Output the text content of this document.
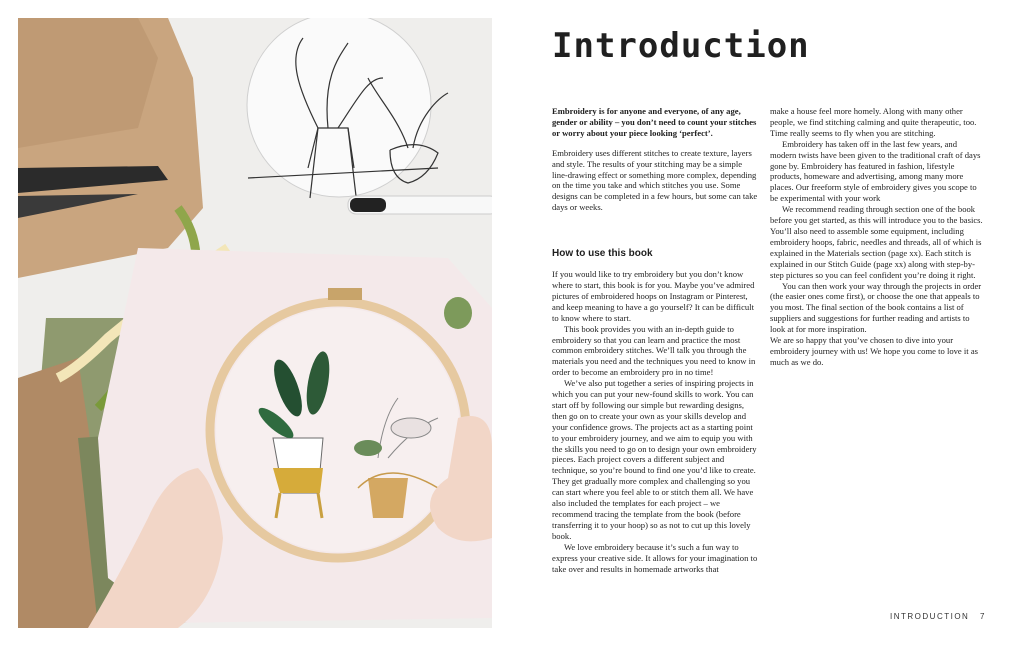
Introduction

Embroidery is for anyone and everyone, of any age, gender or ability – you don’t need to count your stitches or worry about your piece looking ‘perfect’.

Embroidery uses different stitches to create texture, layers and style. The results of your stitching may be a simple line-drawing effect or something more complex, depending on the time you take and which stitches you use. Some designs can be completed in a few hours, but some can take days or weeks.

How to use this book

If you would like to try embroidery but you don’t know where to start, this book is for you. Maybe you’ve admired pictures of embroidered hoops on Instagram or Pinterest, and keep meaning to have a go yourself? It can be difficult to know where to start.

This book provides you with an in-depth guide to embroidery so that you can learn and practice the most common embroidery stitches. We’ll talk you through the materials you need and the techniques you need to know in order to become an embroidery pro in no time!

We’ve also put together a series of inspiring projects in which you can put your new-found skills to work. You can start off by following our simple but rewarding designs, then go on to create your own as your skills develop and your confidence grows. The projects act as a starting point to your embroidery journey, and we aim to equip you with the skills you need to go on to design your own embroidery pieces. Each project covers a different subject and technique, so you’re bound to find one you’d like to create. They get gradually more complex and challenging so you can start where you feel able to or stitch them all. We have also included the templates for each project – we recommend tracing the template from the book (before transferring it to your hoop) so as not to cut up this lovely book.

We love embroidery because it’s such a fun way to express your creative side. It allows for your imagination to take over and results in homemade artworks that

make a house feel more homely. Along with many other people, we find stitching calming and quite therapeutic, too. Time really seems to fly when you are stitching.

Embroidery has taken off in the last few years, and modern twists have been given to the traditional craft of days gone by. Embroidery has featured in fashion, lifestyle products, homeware and advertising, among many more places. Our freeform style of embroidery gives you scope to be experimental with your work

We recommend reading through section one of the book before you get started, as this will introduce you to the basics. You’ll also need to assemble some equipment, including embroidery hoops, fabric, needles and threads, all of which is explained in the Materials section (page xx). Each stitch is explained in our Stitch Guide (page xx) along with step-by-step pictures so you can feel confident you’re doing it right.

You can then work your way through the projects in order (the easier ones come first), or choose the one that appeals to you most. The final section of the book contains a list of suppliers and suggestions for further reading and artists to look at for more inspiration.

We are so happy that you’ve chosen to dive into your embroidery journey with us! We hope you come to love it as much as we do.

INTRODUCTION 7
